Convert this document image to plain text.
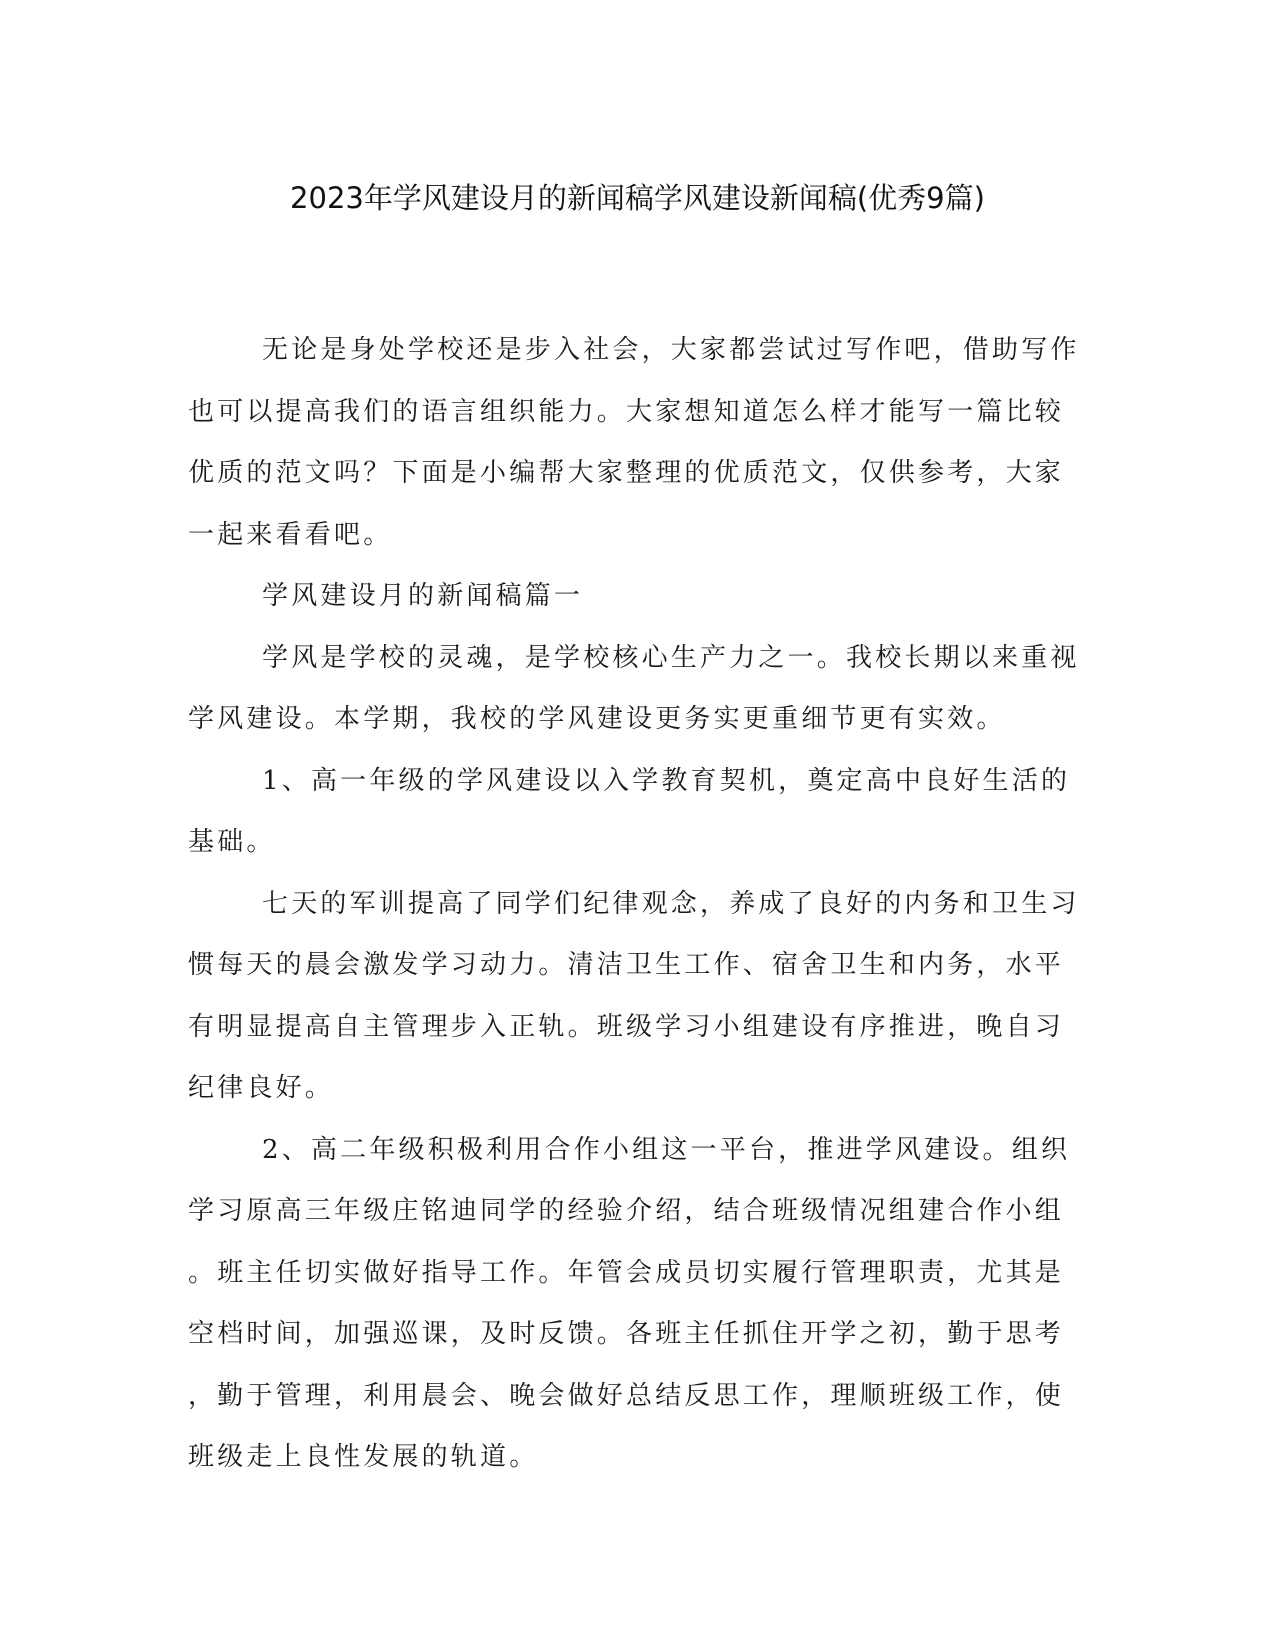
2023年学风建设月的新闻稿学风建设新闻稿(优秀9篇)
无论是身处学校还是步入社会，大家都尝试过写作吧，借助写作
也可以提高我们的语言组织能力。大家想知道怎么样才能写一篇比较
优质的范文吗？下面是小编帮大家整理的优质范文，仅供参考，大家
一起来看看吧。
学风建设月的新闻稿篇一
学风是学校的灵魂，是学校核心生产力之一。我校长期以来重视
学风建设。本学期，我校的学风建设更务实更重细节更有实效。
1、高一年级的学风建设以入学教育契机，奠定高中良好生活的
基础。
七天的军训提高了同学们纪律观念，养成了良好的内务和卫生习
惯每天的晨会激发学习动力。清洁卫生工作、宿舍卫生和内务，水平
有明显提高自主管理步入正轨。班级学习小组建设有序推进，晚自习
纪律良好。
2、高二年级积极利用合作小组这一平台，推进学风建设。组织
学习原高三年级庄铭迪同学的经验介绍，结合班级情况组建合作小组
。班主任切实做好指导工作。年管会成员切实履行管理职责，尤其是
空档时间，加强巡课，及时反馈。各班主任抓住开学之初，勤于思考
，勤于管理，利用晨会、晚会做好总结反思工作，理顺班级工作，使
班级走上良性发展的轨道。
